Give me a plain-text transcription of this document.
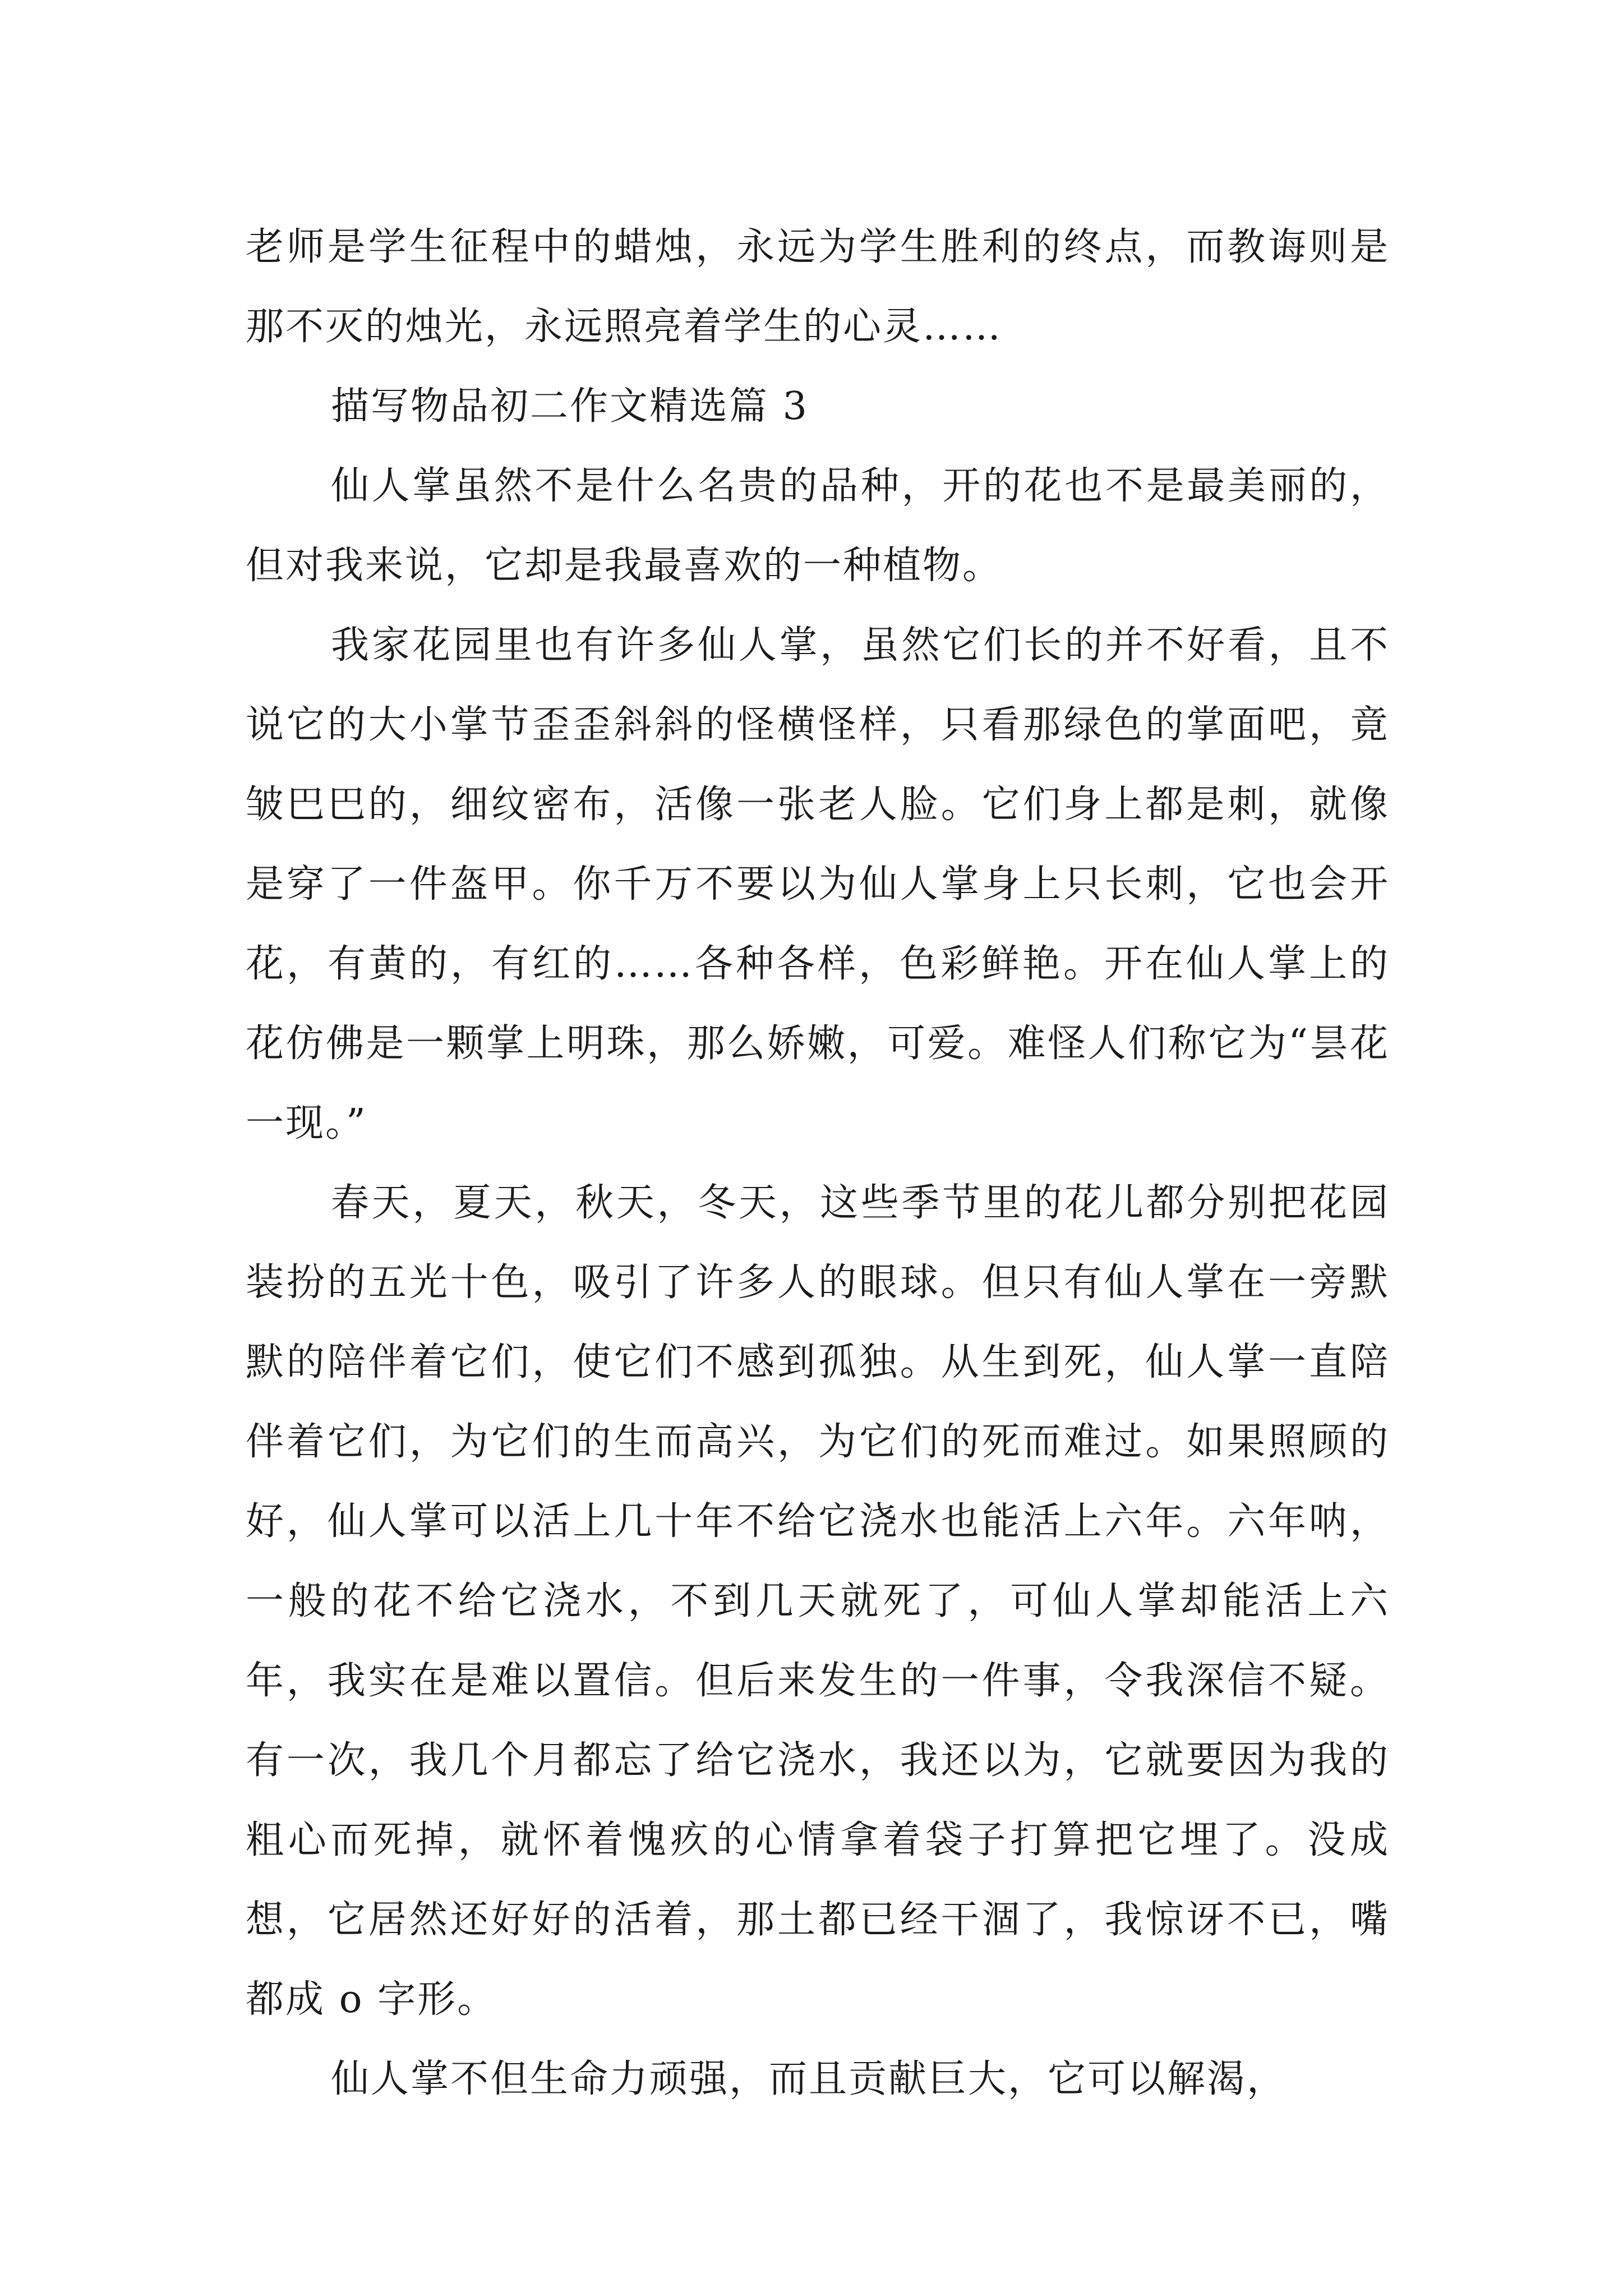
老师是学生征程中的蜡烛，永远为学生胜利的终点，而教诲则是那不灭的烛光，永远照亮着学生的心灵……

描写物品初二作文精选篇 3

仙人掌虽然不是什么名贵的品种，开的花也不是最美丽的，但对我来说，它却是我最喜欢的一种植物。

我家花园里也有许多仙人掌，虽然它们长的并不好看，且不说它的大小掌节歪歪斜斜的怪横怪样，只看那绿色的掌面吧，竟皱巴巴的，细纹密布，活像一张老人脸。它们身上都是刺，就像是穿了一件盔甲。你千万不要以为仙人掌身上只长刺，它也会开花，有黄的，有红的……各种各样，色彩鲜艳。开在仙人掌上的花仿佛是一颗掌上明珠，那么娇嫩，可爱。难怪人们称它为“昙花一现。”

春天，夏天，秋天，冬天，这些季节里的花儿都分别把花园装扮的五光十色，吸引了许多人的眼球。但只有仙人掌在一旁默默的陪伴着它们，使它们不感到孤独。从生到死，仙人掌一直陪伴着它们，为它们的生而高兴，为它们的死而难过。如果照顾的好，仙人掌可以活上几十年不给它浇水也能活上六年。六年呐，一般的花不给它浇水，不到几天就死了，可仙人掌却能活上六年，我实在是难以置信。但后来发生的一件事，令我深信不疑。有一次，我几个月都忘了给它浇水，我还以为，它就要因为我的粗心而死掉，就怀着愧疚的心情拿着袋子打算把它埋了。没成想，它居然还好好的活着，那土都已经干涸了，我惊讶不已，嘴都成 o 字形。

仙人掌不但生命力顽强，而且贡献巨大，它可以解渴，
